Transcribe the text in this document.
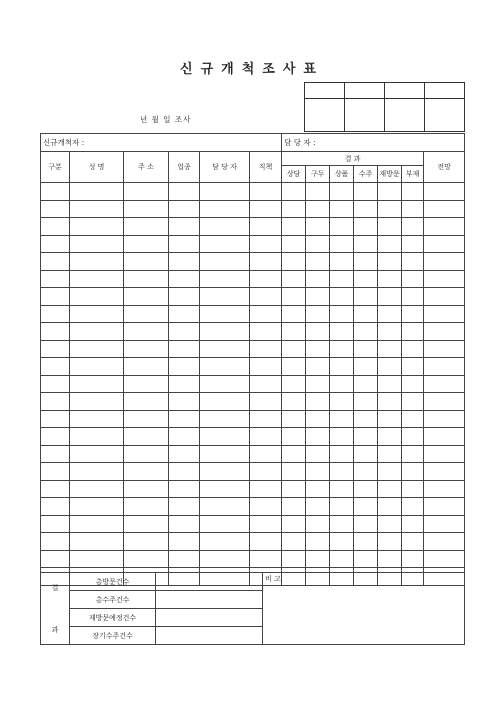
신규개척조사표

년 월 일 조사
신규개척자 :						담 당 자 :						
구분	성 명	주 소	업종	담 당 자	직책	결 과						전망
						상담	구두	상품	수주	재방문	부재	

결

과	총방문건수		비 고
	총수주건수		
	재방문예정건수		
	장기수주건수		
